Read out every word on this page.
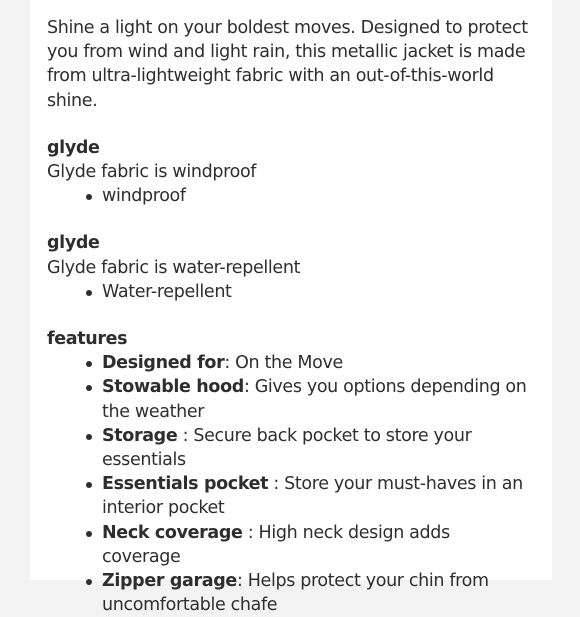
Shine a light on your boldest moves. Designed to protect you from wind and light rain, this metallic jacket is made from ultra-lightweight fabric with an out-of-this-world shine.

glyde

Glyde fabric is windproof

windproof

glyde

Glyde fabric is water-repellent

Water-repellent

features

Designed for: On the Move
Stowable hood: Gives you options depending on the weather
Storage : Secure back pocket to store your essentials
Essentials pocket : Store your must-haves in an interior pocket
Neck coverage : High neck design adds coverage
Zipper garage: Helps protect your chin from uncomfortable chafe
